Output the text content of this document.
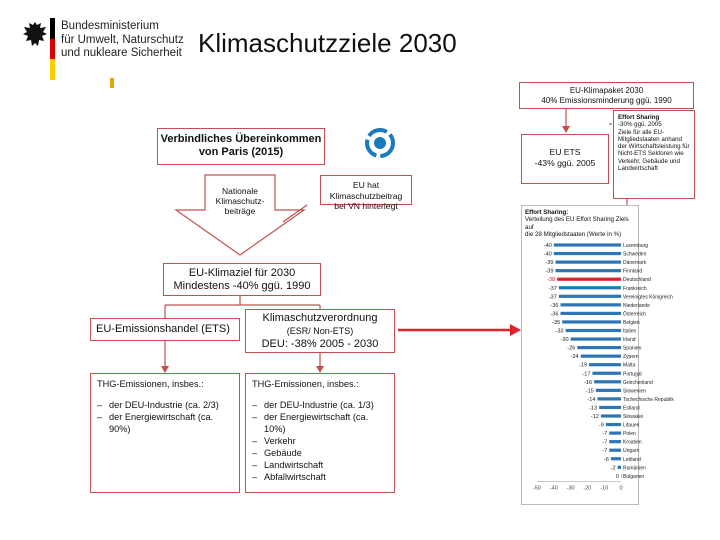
Bundesministerium
für Umwelt, Naturschutz
und nukleare Sicherheit Klimaschutzziele 2030
Verbindliches Übereinkommen von Paris (2015)
Nationale Klimaschutz-beiträge
EU hat Klimaschutzbeitrag bei VN hinterlegt
EU-Klimaziel für 2030
Mindestens -40% ggü. 1990
EU-Emissionshandel (ETS)
Klimaschutzverordnung
(ESR/ Non-ETS)
DEU: -38% 2005 - 2030
THG-Emissionen, insbes.:
– der DEU-Industrie (ca. 2/3)
– der Energiewirtschaft (ca. 90%)
THG-Emissionen, insbes.:
– der DEU-Industrie (ca. 1/3)
– der Energiewirtschaft (ca. 10%)
– Verkehr
– Gebäude
– Landwirtschaft
– Abfallwirtschaft
EU-Klimapaket 2030
40% Emissionsminderung ggü. 1990
EU ETS
-43% ggü. 2005
Effort Sharing
-30% ggü. 2005
Ziele für alle EU-Mitgliedstaaten anhand der Wirtschaftsleistung für Nicht-ETS Sektoren wie Verkehr, Gebäude und Landwirtschaft
Effort Sharing:
Verteilung des EU Effort Sharing Ziels auf
die 28 Mitgliedstaaten (Werte in %)
-40	Luxemburg
-40	Schweden
-39	Dänemark
-39	Finnland
-38	Deutschland
-37	Frankreich
-37	Vereinigtes Königreich
-36	Niederlande
-36	Österreich
-35	Belgien
-33	Italien
-30	Irland
-26	Spanien
-24	Zypern
-19	Malta
-17	Portugal
-16	Griechenland
-15	Slowenien
-14	Tschechische Republik
-13	Estland
-12	Slowakei
-9	Litauen
-7	Polen
-7	Kroatien
-7	Ungarn
-6	Lettland
-2 Rumänien
0 Bulgarien
-50 -40 -30 -20 -10 0
